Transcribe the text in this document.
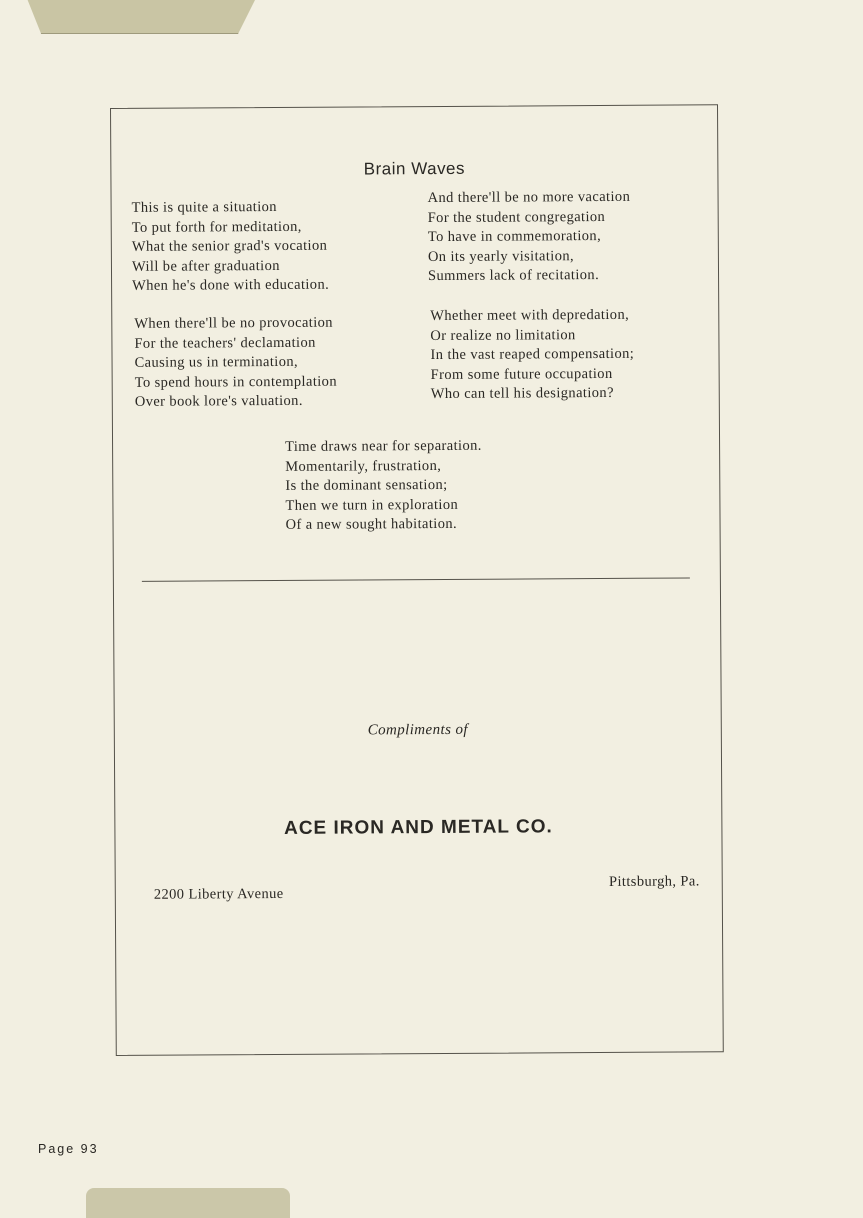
Brain Waves
This is quite a situation
To put forth for meditation,
What the senior grad's vocation
Will be after graduation
When he's done with education.
And there'll be no more vacation
For the student congregation
To have in commemoration,
On its yearly visitation,
Summers lack of recitation.
When there'll be no provocation
For the teachers' declamation
Causing us in termination,
To spend hours in contemplation
Over book lore's valuation.
Whether meet with depredation,
Or realize no limitation
In the vast reaped compensation;
From some future occupation
Who can tell his designation?
Time draws near for separation.
Momentarily, frustration,
Is the dominant sensation;
Then we turn in exploration
Of a new sought habitation.
Compliments of
ACE IRON AND METAL CO.
2200 Liberty Avenue
Pittsburgh, Pa.
Page 93
